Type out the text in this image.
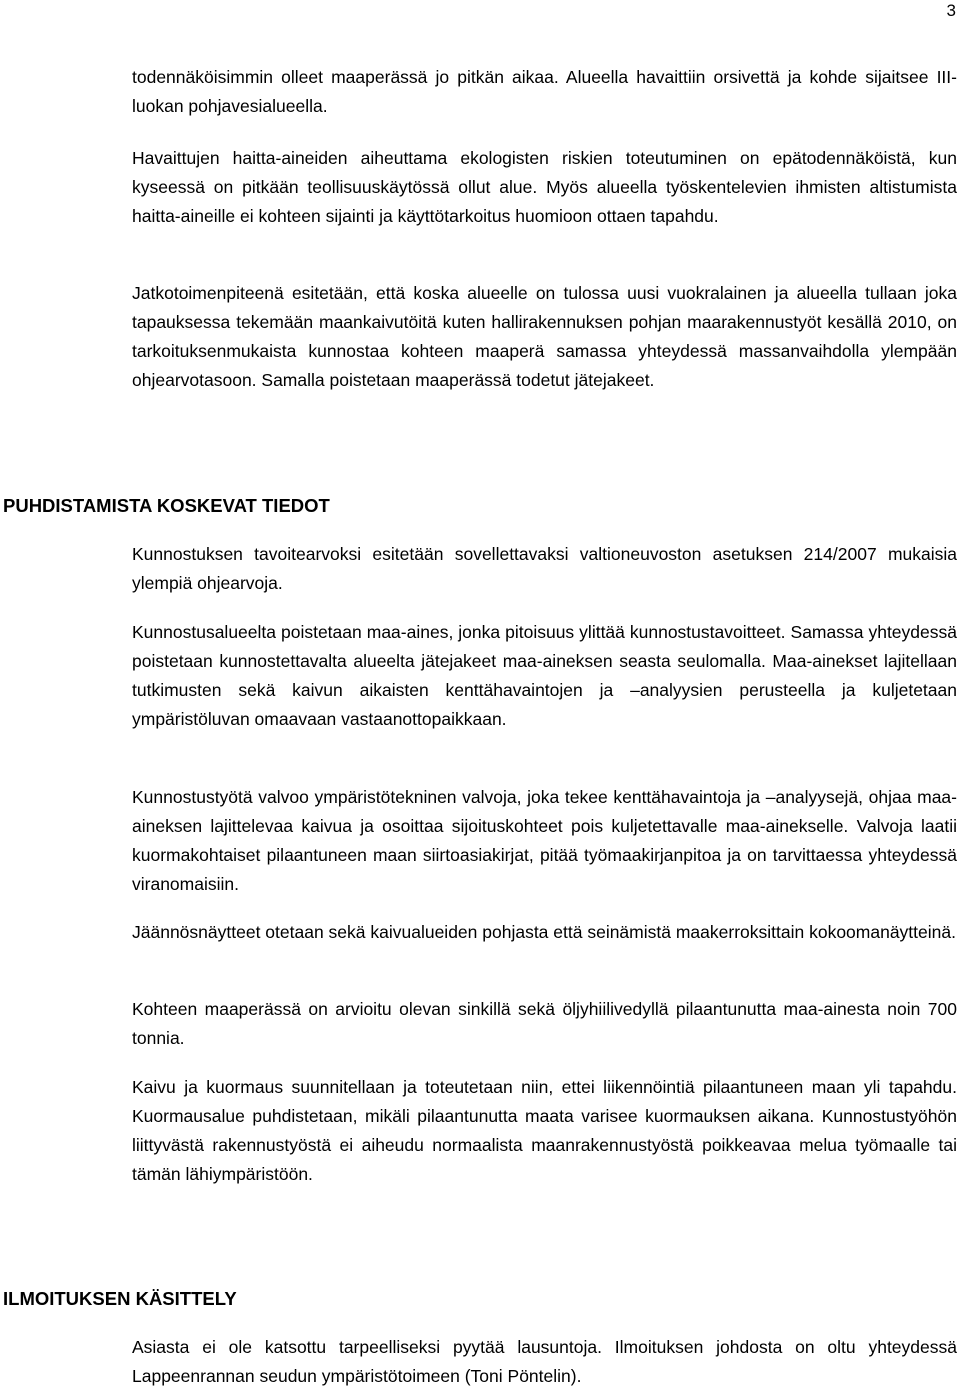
3

todennäköisimmin olleet maaperässä jo pitkän aikaa. Alueella havaittiin orsivettä ja kohde sijaitsee III-luokan pohjavesialueella.

Havaittujen haitta-aineiden aiheuttama ekologisten riskien toteutuminen on epätodennäköistä, kun kyseessä on pitkään teollisuuskäytössä ollut alue. Myös alueella työskentelevien ihmisten altistumista haitta-aineille ei kohteen sijainti ja käyttötarkoitus huomioon ottaen tapahdu.

Jatkotoimenpiteenä esitetään, että koska alueelle on tulossa uusi vuokralainen ja alueella tullaan joka tapauksessa tekemään maankaivutöitä kuten hallirakennuksen pohjan maarakennustyöt kesällä 2010, on tarkoituksenmukaista kunnostaa kohteen maaperä samassa yhteydessä massanvaihdolla ylempään ohjearvotasoon. Samalla poistetaan maaperässä todetut jätejakeet.

PUHDISTAMISTA KOSKEVAT TIEDOT

Kunnostuksen tavoitearvoksi esitetään sovellettavaksi valtioneuvoston asetuksen 214/2007 mukaisia ylempiä ohjearvoja.

Kunnostusalueelta poistetaan maa-aines, jonka pitoisuus ylittää kunnostustavoitteet. Samassa yhteydessä poistetaan kunnostettavalta alueelta jätejakeet maa-aineksen seasta seulomalla. Maa-ainekset lajitellaan tutkimusten sekä kaivun aikaisten kenttähavaintojen ja –analyysien perusteella ja kuljetetaan ympäristöluvan omaavaan vastaanottopaikkaan.

Kunnostustyötä valvoo ympäristötekninen valvoja, joka tekee kenttähavaintoja ja –analyysejä, ohjaa maa-aineksen lajittelevaa kaivua ja osoittaa sijoituskohteet pois kuljetettavalle maa-ainekselle. Valvoja laatii kuormakohtaiset pilaantuneen maan siirtoasiakirjat, pitää työmaakirjanpitoa ja on tarvittaessa yhteydessä viranomaisiin.

Jäännösnäytteet otetaan sekä kaivualueiden pohjasta että seinämistä maakerroksittain kokoomanäytteinä.

Kohteen maaperässä on arvioitu olevan sinkillä sekä öljyhiilivedyllä pilaantunutta maa-ainesta noin 700 tonnia.

Kaivu ja kuormaus suunnitellaan ja toteutetaan niin, ettei liikennöintiä pilaantuneen maan yli tapahdu. Kuormausalue puhdistetaan, mikäli pilaantunutta maata varisee kuormauksen aikana. Kunnostustyöhön liittyvästä rakennustyöstä ei aiheudu normaalista maanrakennustyöstä poikkeavaa melua työmaalle tai tämän lähiympäristöön.

ILMOITUKSEN KÄSITTELY

Asiasta ei ole katsottu tarpeelliseksi pyytää lausuntoja. Ilmoituksen johdosta on oltu yhteydessä Lappeenrannan seudun ympäristötoimeen (Toni Pöntelin).
